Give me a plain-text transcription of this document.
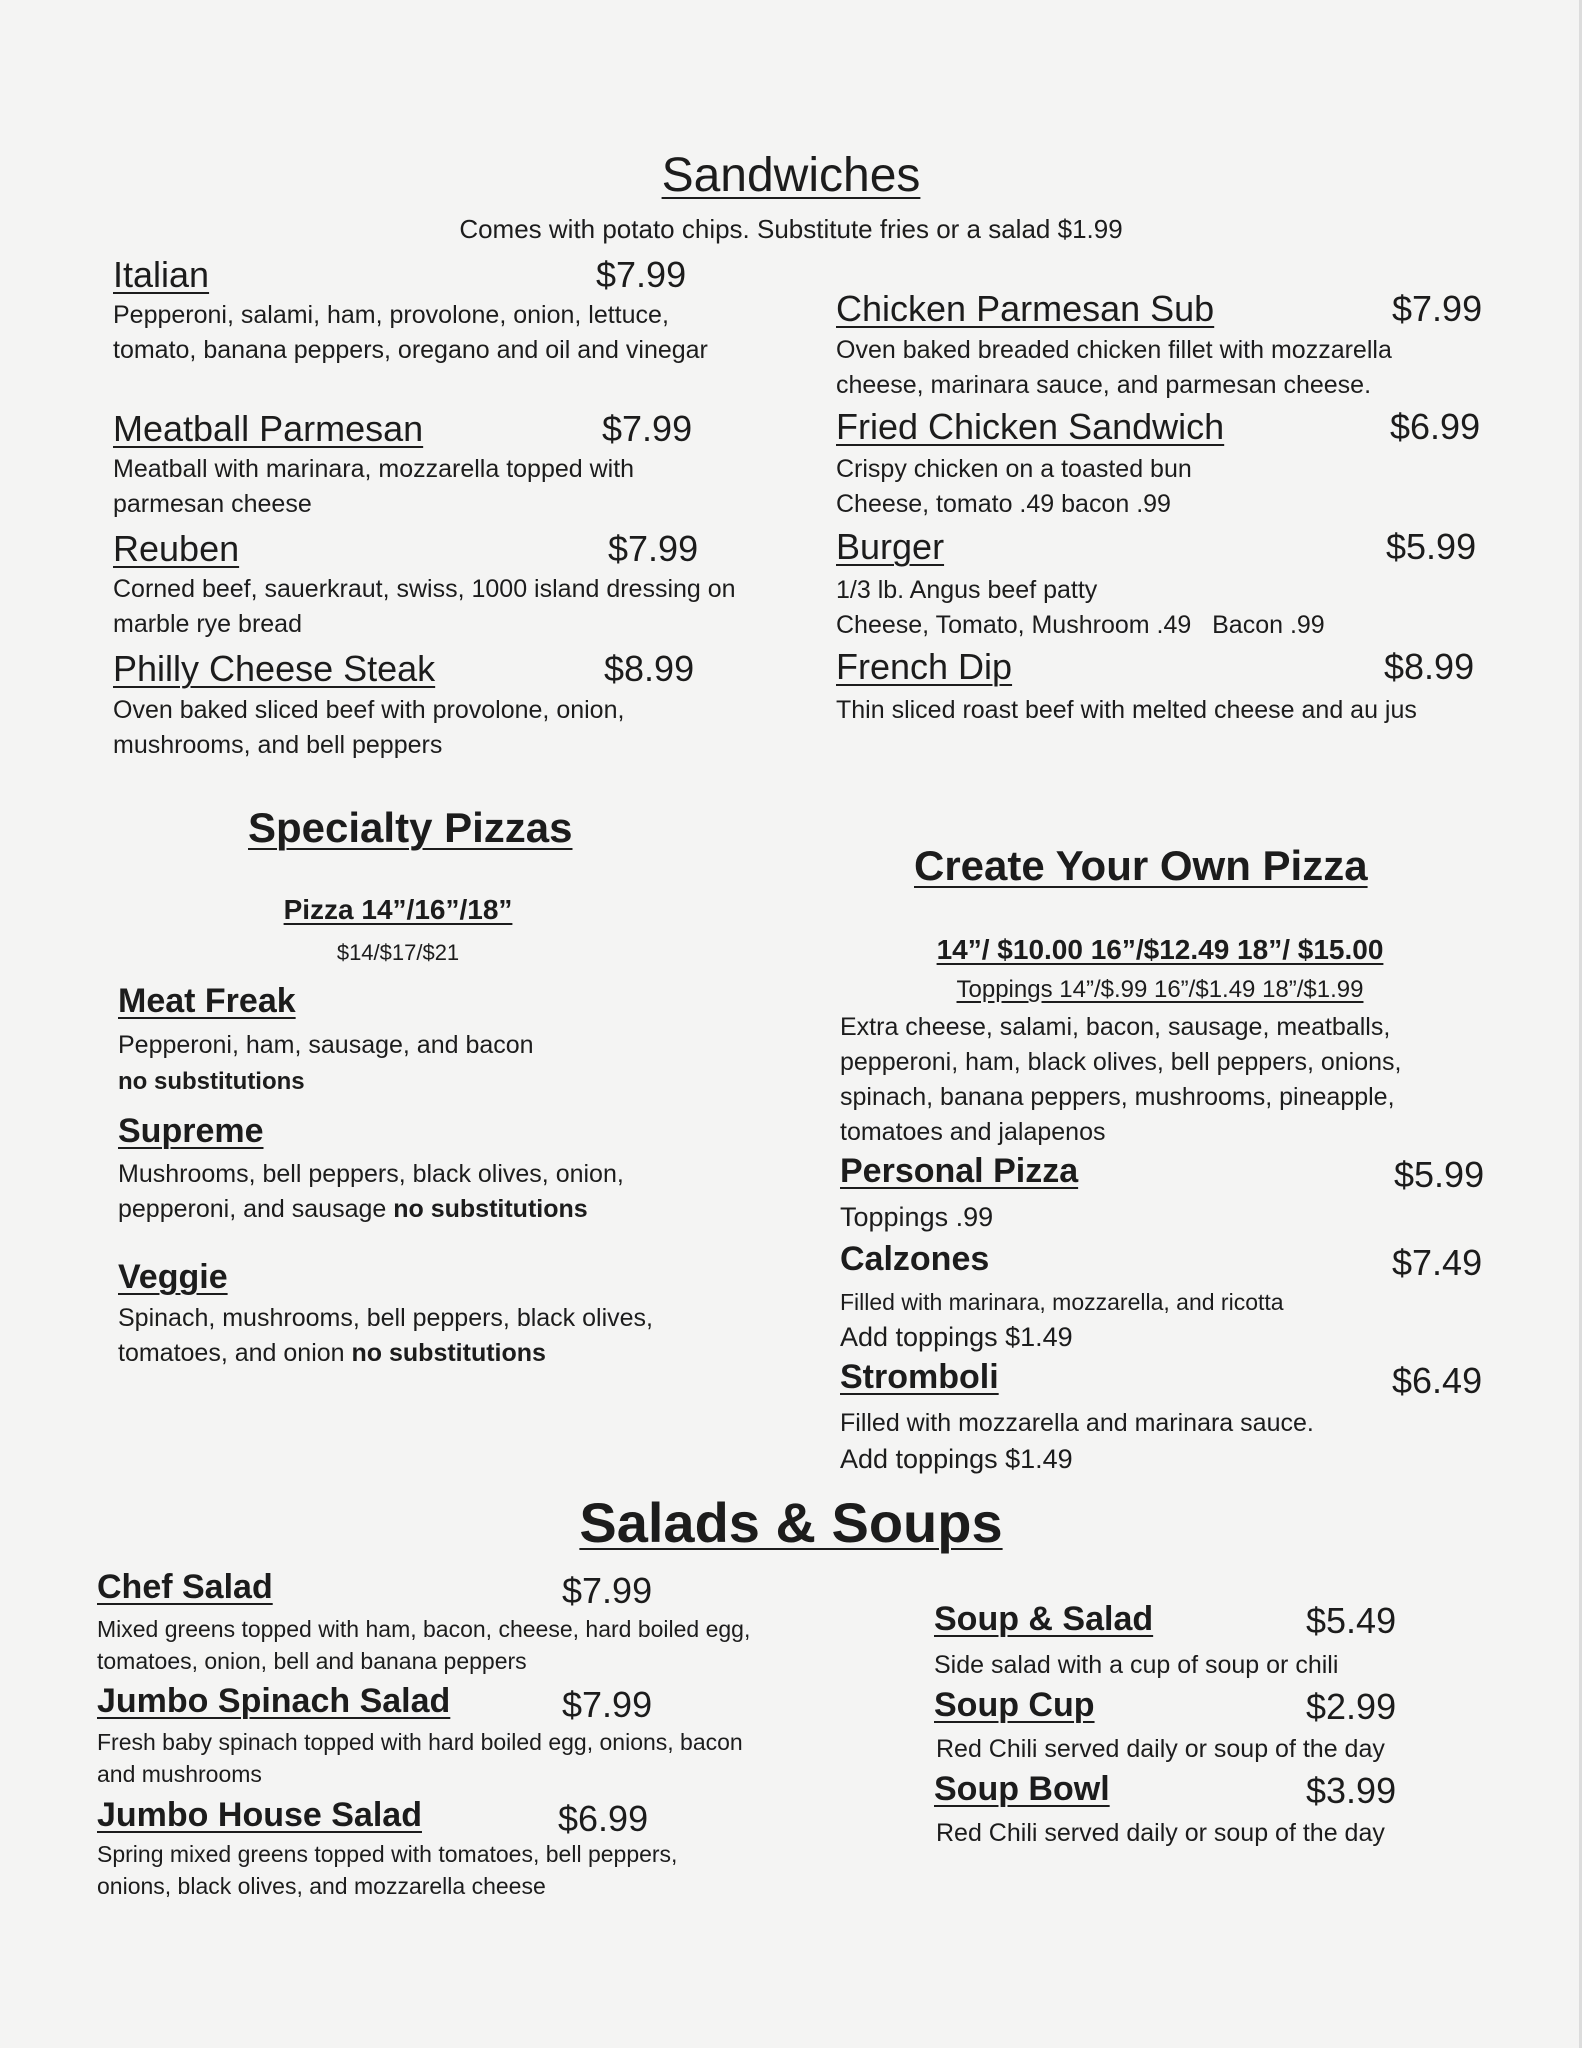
Sandwiches
Comes with potato chips. Substitute fries or a salad $1.99
Italian	$7.99
Pepperoni, salami, ham, provolone, onion, lettuce, tomato, banana peppers, oregano and oil and vinegar
Meatball Parmesan	$7.99
Meatball with marinara, mozzarella topped with parmesan cheese
Reuben	$7.99
Corned beef, sauerkraut, swiss, 1000 island dressing on marble rye bread
Philly Cheese Steak	$8.99
Oven baked sliced beef with provolone, onion, mushrooms, and bell peppers
Chicken Parmesan Sub	$7.99
Oven baked breaded chicken fillet with mozzarella cheese, marinara sauce, and parmesan cheese.
Fried Chicken Sandwich	$6.99
Crispy chicken on a toasted bun
Cheese, tomato .49 bacon .99
Burger	$5.99
1/3 lb. Angus beef patty
Cheese, Tomato, Mushroom .49   Bacon .99
French Dip	$8.99
Thin sliced roast beef with melted cheese and au jus
Specialty Pizzas
Pizza 14”/16”/18”
$14/$17/$21
Meat Freak
Pepperoni, ham, sausage, and bacon
no substitutions
Supreme
Mushrooms, bell peppers, black olives, onion, pepperoni, and sausage no substitutions
Veggie
Spinach, mushrooms, bell peppers, black olives, tomatoes, and onion no substitutions
Create Your Own Pizza
14”/ $10.00 16”/$12.49 18”/ $15.00
Toppings 14”/$.99 16”/$1.49 18”/$1.99
Extra cheese, salami, bacon, sausage, meatballs, pepperoni, ham, black olives, bell peppers, onions, spinach, banana peppers, mushrooms, pineapple, tomatoes and jalapenos
Personal Pizza	$5.99
Toppings .99
Calzones	$7.49
Filled with marinara, mozzarella, and ricotta
Add toppings $1.49
Stromboli	$6.49
Filled with mozzarella and marinara sauce.
Add toppings $1.49
Salads & Soups
Chef Salad	$7.99
Mixed greens topped with ham, bacon, cheese, hard boiled egg, tomatoes, onion, bell and banana peppers
Jumbo Spinach Salad	$7.99
Fresh baby spinach topped with hard boiled egg, onions, bacon and mushrooms
Jumbo House Salad	$6.99
Spring mixed greens topped with tomatoes, bell peppers, onions, black olives, and mozzarella cheese
Soup & Salad	$5.49
Side salad with a cup of soup or chili
Soup Cup	$2.99
Red Chili served daily or soup of the day
Soup Bowl	$3.99
Red Chili served daily or soup of the day
